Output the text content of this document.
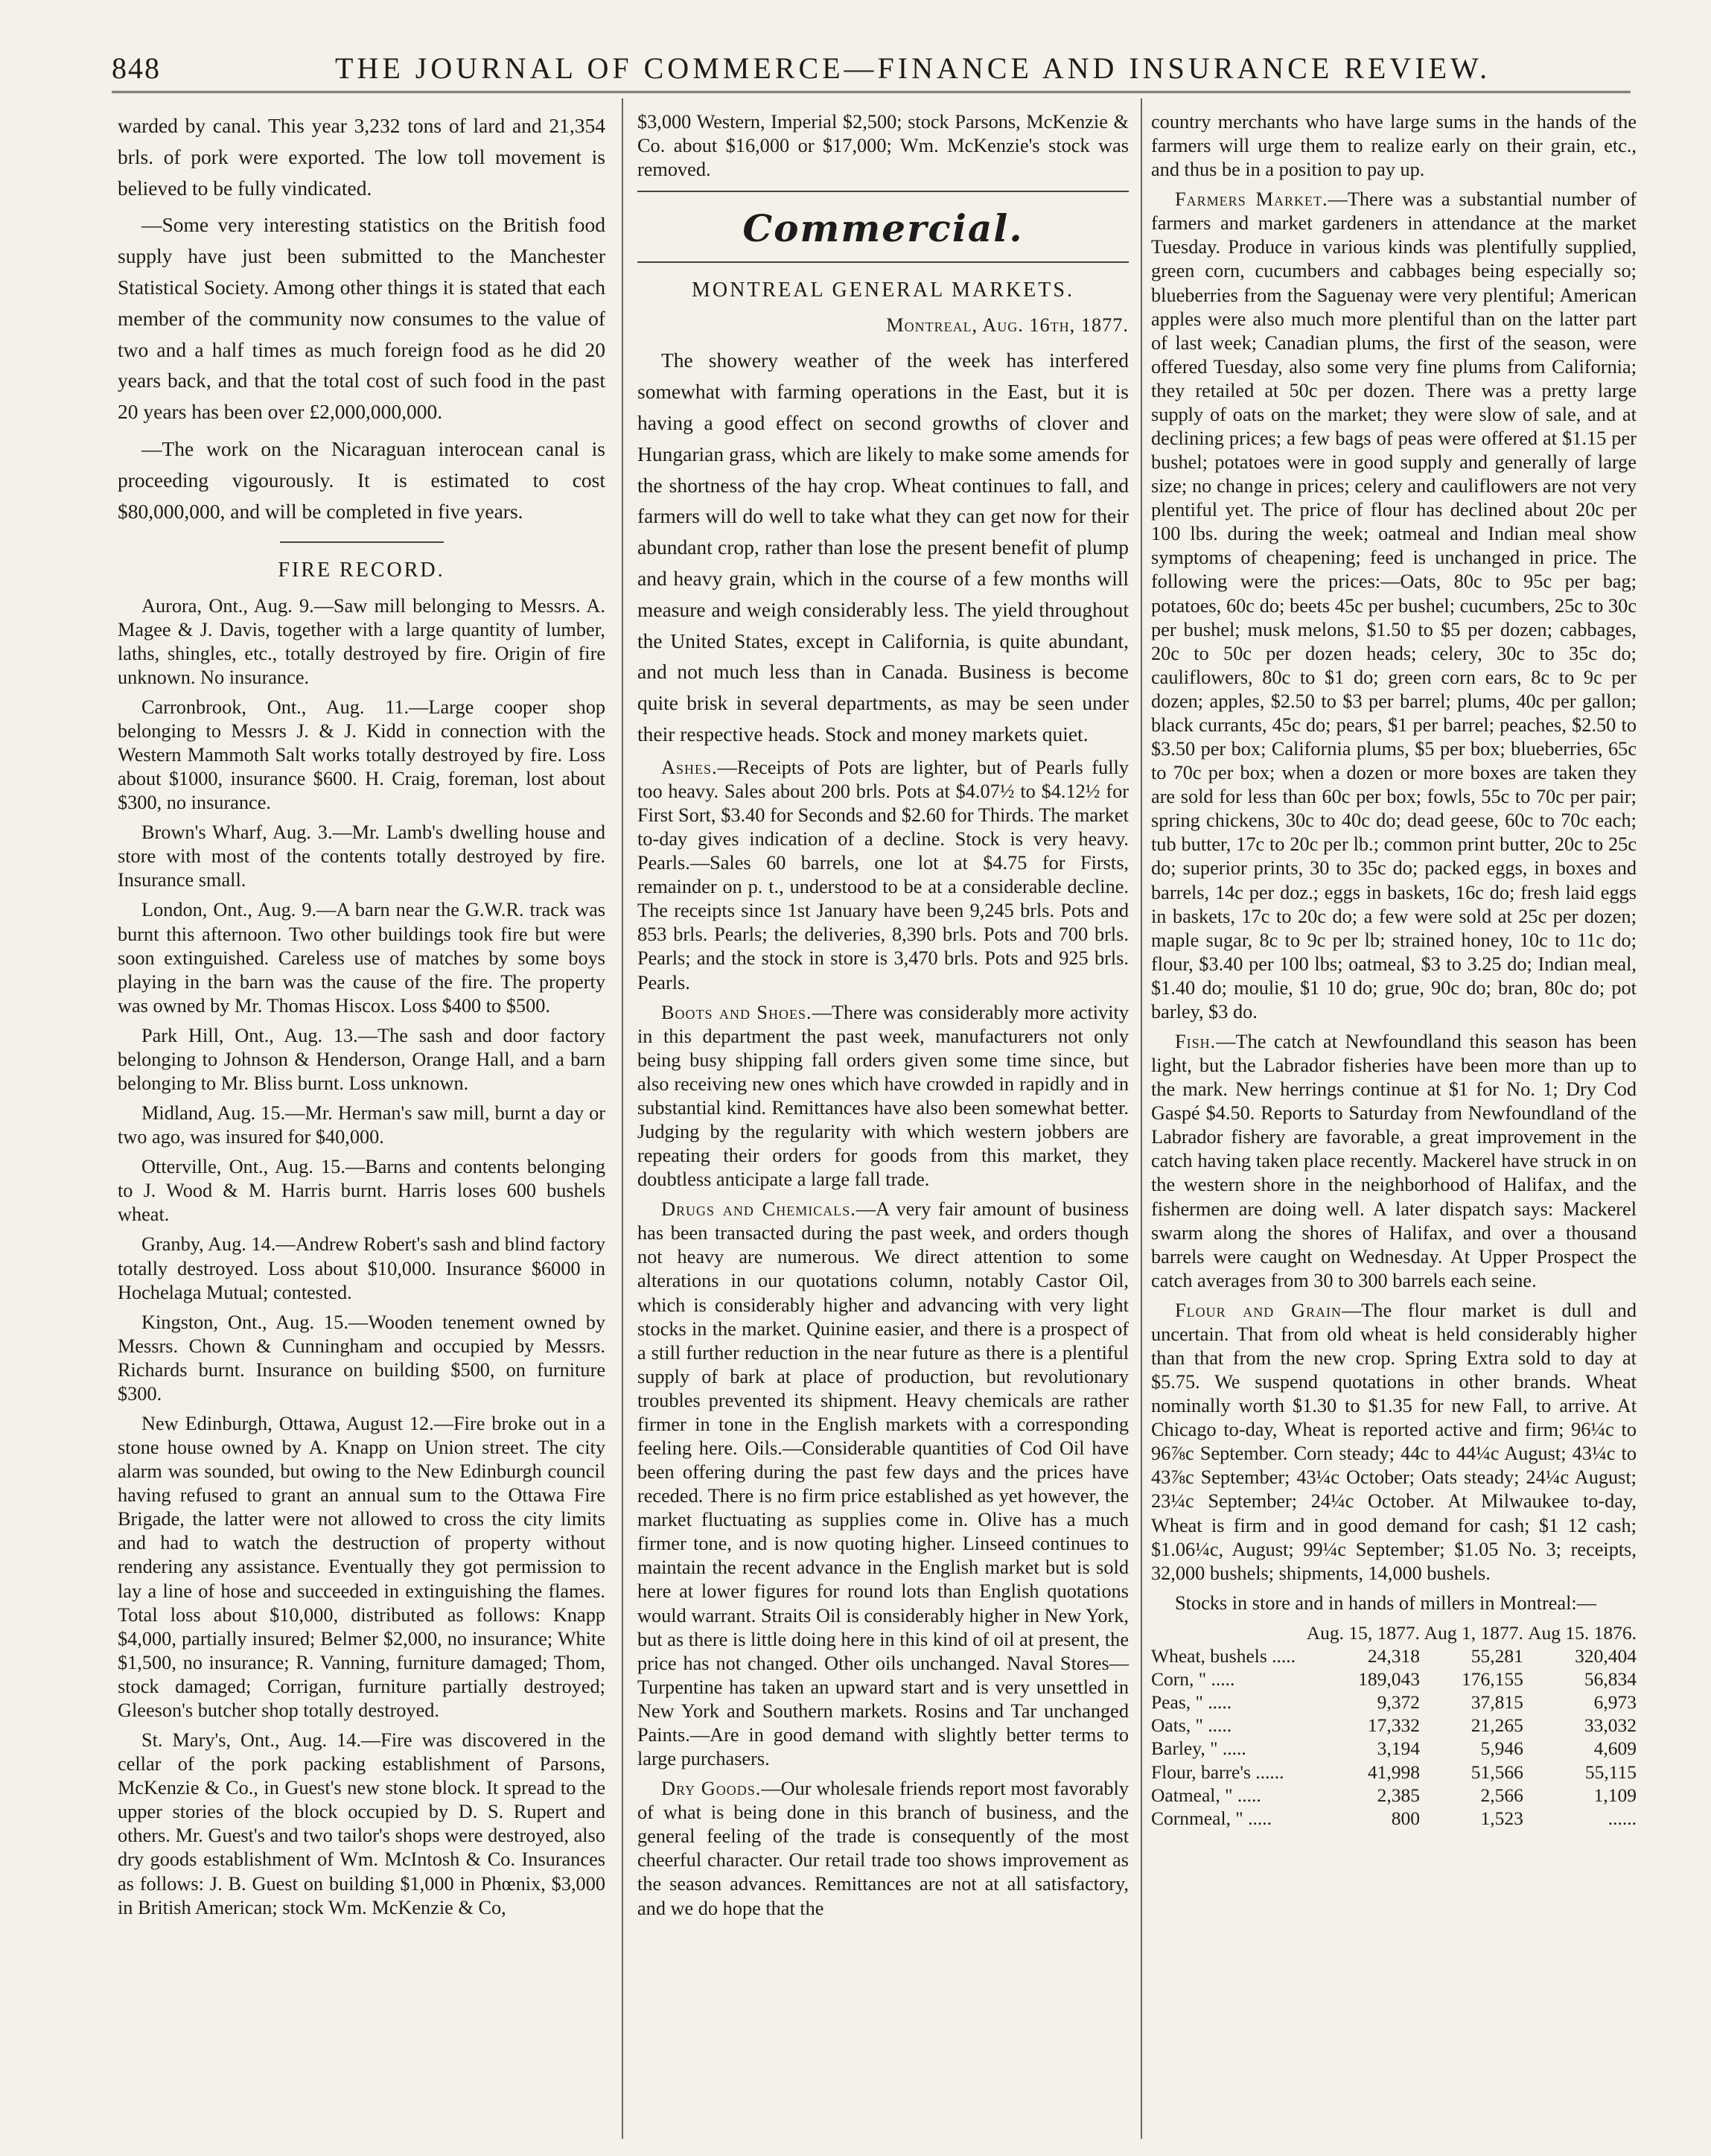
848	THE JOURNAL OF COMMERCE—FINANCE AND INSURANCE REVIEW.

warded by canal. This year 3,232 tons of lard and 21,354 brls. of pork were exported. The low toll movement is believed to be fully vindicated.

—Some very interesting statistics on the British food supply have just been submitted to the Manchester Statistical Society. Among other things it is stated that each member of the community now consumes to the value of two and a half times as much foreign food as he did 20 years back, and that the total cost of such food in the past 20 years has been over £2,000,000,000.

—The work on the Nicaraguan interocean canal is proceeding vigourously. It is estimated to cost $80,000,000, and will be completed in five years.

FIRE RECORD.

Aurora, Ont., Aug. 9.—Saw mill belonging to Messrs. A. Magee & J. Davis, together with a large quantity of lumber, laths, shingles, etc., totally destroyed by fire. Origin of fire unknown. No insurance.

Carronbrook, Ont., Aug. 11.—Large cooper shop belonging to Messrs J. & J. Kidd in connection with the Western Mammoth Salt works totally destroyed by fire. Loss about $1000, insurance $600. H. Craig, foreman, lost about $300, no insurance.

Brown's Wharf, Aug. 3.—Mr. Lamb's dwelling house and store with most of the contents totally destroyed by fire. Insurance small.

London, Ont., Aug. 9.—A barn near the G.W.R. track was burnt this afternoon. Two other buildings took fire but were soon extinguished. Careless use of matches by some boys playing in the barn was the cause of the fire. The property was owned by Mr. Thomas Hiscox. Loss $400 to $500.

Park Hill, Ont., Aug. 13.—The sash and door factory belonging to Johnson & Henderson, Orange Hall, and a barn belonging to Mr. Bliss burnt. Loss unknown.

Midland, Aug. 15.—Mr. Herman's saw mill, burnt a day or two ago, was insured for $40,000.

Otterville, Ont., Aug. 15.—Barns and contents belonging to J. Wood & M. Harris burnt. Harris loses 600 bushels wheat.

Granby, Aug. 14.—Andrew Robert's sash and blind factory totally destroyed. Loss about $10,000. Insurance $6000 in Hochelaga Mutual; contested.

Kingston, Ont., Aug. 15.—Wooden tenement owned by Messrs. Chown & Cunningham and occupied by Messrs. Richards burnt. Insurance on building $500, on furniture $300.

New Edinburgh, Ottawa, August 12.—Fire broke out in a stone house owned by A. Knapp on Union street. The city alarm was sounded, but owing to the New Edinburgh council having refused to grant an annual sum to the Ottawa Fire Brigade, the latter were not allowed to cross the city limits and had to watch the destruction of property without rendering any assistance. Eventually they got permission to lay a line of hose and succeeded in extinguishing the flames. Total loss about $10,000, distributed as follows: Knapp $4,000, partially insured; Belmer $2,000, no insurance; White $1,500, no insurance; R. Vanning, furniture damaged; Thom, stock damaged; Corrigan, furniture partially destroyed; Gleeson's butcher shop totally destroyed.

St. Mary's, Ont., Aug. 14.—Fire was discovered in the cellar of the pork packing establishment of Parsons, McKenzie & Co., in Guest's new stone block. It spread to the upper stories of the block occupied by D. S. Rupert and others. Mr. Guest's and two tailor's shops were destroyed, also dry goods establishment of Wm. McIntosh & Co. Insurances as follows: J. B. Guest on building $1,000 in Phœnix, $3,000 in British American; stock Wm. McKenzie & Co,

$3,000 Western, Imperial $2,500; stock Parsons, McKenzie & Co. about $16,000 or $17,000; Wm. McKenzie's stock was removed.

Commercial.
MONTREAL GENERAL MARKETS.

Montreal, Aug. 16th, 1877.

The showery weather of the week has interfered somewhat with farming operations in the East, but it is having a good effect on second growths of clover and Hungarian grass, which are likely to make some amends for the shortness of the hay crop. Wheat continues to fall, and farmers will do well to take what they can get now for their abundant crop, rather than lose the present benefit of plump and heavy grain, which in the course of a few months will measure and weigh considerably less. The yield throughout the United States, except in California, is quite abundant, and not much less than in Canada. Business is become quite brisk in several departments, as may be seen under their respective heads. Stock and money markets quiet.

Ashes.—Receipts of Pots are lighter, but of Pearls fully too heavy. Sales about 200 brls. Pots at $4.07½ to $4.12½ for First Sort, $3.40 for Seconds and $2.60 for Thirds. The market to-day gives indication of a decline. Stock is very heavy. Pearls.—Sales 60 barrels, one lot at $4.75 for Firsts, remainder on p. t., understood to be at a considerable decline. The receipts since 1st January have been 9,245 brls. Pots and 853 brls. Pearls; the deliveries, 8,390 brls. Pots and 700 brls. Pearls; and the stock in store is 3,470 brls. Pots and 925 brls. Pearls.

Boots and Shoes.—There was considerably more activity in this department the past week, manufacturers not only being busy shipping fall orders given some time since, but also receiving new ones which have crowded in rapidly and in substantial kind. Remittances have also been somewhat better. Judging by the regularity with which western jobbers are repeating their orders for goods from this market, they doubtless anticipate a large fall trade.

Drugs and Chemicals.—A very fair amount of business has been transacted during the past week, and orders though not heavy are numerous. We direct attention to some alterations in our quotations column, notably Castor Oil, which is considerably higher and advancing with very light stocks in the market. Quinine easier, and there is a prospect of a still further reduction in the near future as there is a plentiful supply of bark at place of production, but revolutionary troubles prevented its shipment. Heavy chemicals are rather firmer in tone in the English markets with a corresponding feeling here. Oils.—Considerable quantities of Cod Oil have been offering during the past few days and the prices have receded. There is no firm price established as yet however, the market fluctuating as supplies come in. Olive has a much firmer tone, and is now quoting higher. Linseed continues to maintain the recent advance in the English market but is sold here at lower figures for round lots than English quotations would warrant. Straits Oil is considerably higher in New York, but as there is little doing here in this kind of oil at present, the price has not changed. Other oils unchanged. Naval Stores—Turpentine has taken an upward start and is very unsettled in New York and Southern markets. Rosins and Tar unchanged Paints.—Are in good demand with slightly better terms to large purchasers.

Dry Goods.—Our wholesale friends report most favorably of what is being done in this branch of business, and the general feeling of the trade is consequently of the most cheerful character. Our retail trade too shows improvement as the season advances. Remittances are not at all satisfactory, and we do hope that the

country merchants who have large sums in the hands of the farmers will urge them to realize early on their grain, etc., and thus be in a position to pay up.

Farmers Market.—There was a substantial number of farmers and market gardeners in attendance at the market Tuesday. Produce in various kinds was plentifully supplied, green corn, cucumbers and cabbages being especially so; blueberries from the Saguenay were very plentiful; American apples were also much more plentiful than on the latter part of last week; Canadian plums, the first of the season, were offered Tuesday, also some very fine plums from California; they retailed at 50c per dozen. There was a pretty large supply of oats on the market; they were slow of sale, and at declining prices; a few bags of peas were offered at $1.15 per bushel; potatoes were in good supply and generally of large size; no change in prices; celery and cauliflowers are not very plentiful yet. The price of flour has declined about 20c per 100 lbs. during the week; oatmeal and Indian meal show symptoms of cheapening; feed is unchanged in price. The following were the prices:—Oats, 80c to 95c per bag; potatoes, 60c do; beets 45c per bushel; cucumbers, 25c to 30c per bushel; musk melons, $1.50 to $5 per dozen; cabbages, 20c to 50c per dozen heads; celery, 30c to 35c do; cauliflowers, 80c to $1 do; green corn ears, 8c to 9c per dozen; apples, $2.50 to $3 per barrel; plums, 40c per gallon; black currants, 45c do; pears, $1 per barrel; peaches, $2.50 to $3.50 per box; California plums, $5 per box; blueberries, 65c to 70c per box; when a dozen or more boxes are taken they are sold for less than 60c per box; fowls, 55c to 70c per pair; spring chickens, 30c to 40c do; dead geese, 60c to 70c each; tub butter, 17c to 20c per lb.; common print butter, 20c to 25c do; superior prints, 30 to 35c do; packed eggs, in boxes and barrels, 14c per doz.; eggs in baskets, 16c do; fresh laid eggs in baskets, 17c to 20c do; a few were sold at 25c per dozen; maple sugar, 8c to 9c per lb; strained honey, 10c to 11c do; flour, $3.40 per 100 lbs; oatmeal, $3 to 3.25 do; Indian meal, $1.40 do; moulie, $1 10 do; grue, 90c do; bran, 80c do; pot barley, $3 do.

Fish.—The catch at Newfoundland this season has been light, but the Labrador fisheries have been more than up to the mark. New herrings continue at $1 for No. 1; Dry Cod Gaspé $4.50. Reports to Saturday from Newfoundland of the Labrador fishery are favorable, a great improvement in the catch having taken place recently. Mackerel have struck in on the western shore in the neighborhood of Halifax, and the fishermen are doing well. A later dispatch says: Mackerel swarm along the shores of Halifax, and over a thousand barrels were caught on Wednesday. At Upper Prospect the catch averages from 30 to 300 barrels each seine.

Flour and Grain—The flour market is dull and uncertain. That from old wheat is held considerably higher than that from the new crop. Spring Extra sold to day at $5.75. We suspend quotations in other brands. Wheat nominally worth $1.30 to $1.35 for new Fall, to arrive. At Chicago to-day, Wheat is reported active and firm; 96¼c to 96⅞c September. Corn steady; 44c to 44¼c August; 43¼c to 43⅞c September; 43¼c October; Oats steady; 24¼c August; 23¼c September; 24¼c October. At Milwaukee to-day, Wheat is firm and in good demand for cash; $1 12 cash; $1.06¼c, August; 99¼c September; $1.05 No. 3; receipts, 32,000 bushels; shipments, 14,000 bushels.

Stocks in store and in hands of millers in Montreal:—

	Aug. 15, 1877.	Aug 1, 1877.	Aug 15. 1876.
Wheat, bushels .....	24,318	55,281	320,404
Corn, " .....	189,043	176,155	56,834
Peas, " .....	9,372	37,815	6,973
Oats, " .....	17,332	21,265	33,032
Barley, " .....	3,194	5,946	4,609
Flour, barre's ......	41,998	51,566	55,115
Oatmeal, " .....	2,385	2,566	1,109
Cornmeal, " .....	800	1,523	......
